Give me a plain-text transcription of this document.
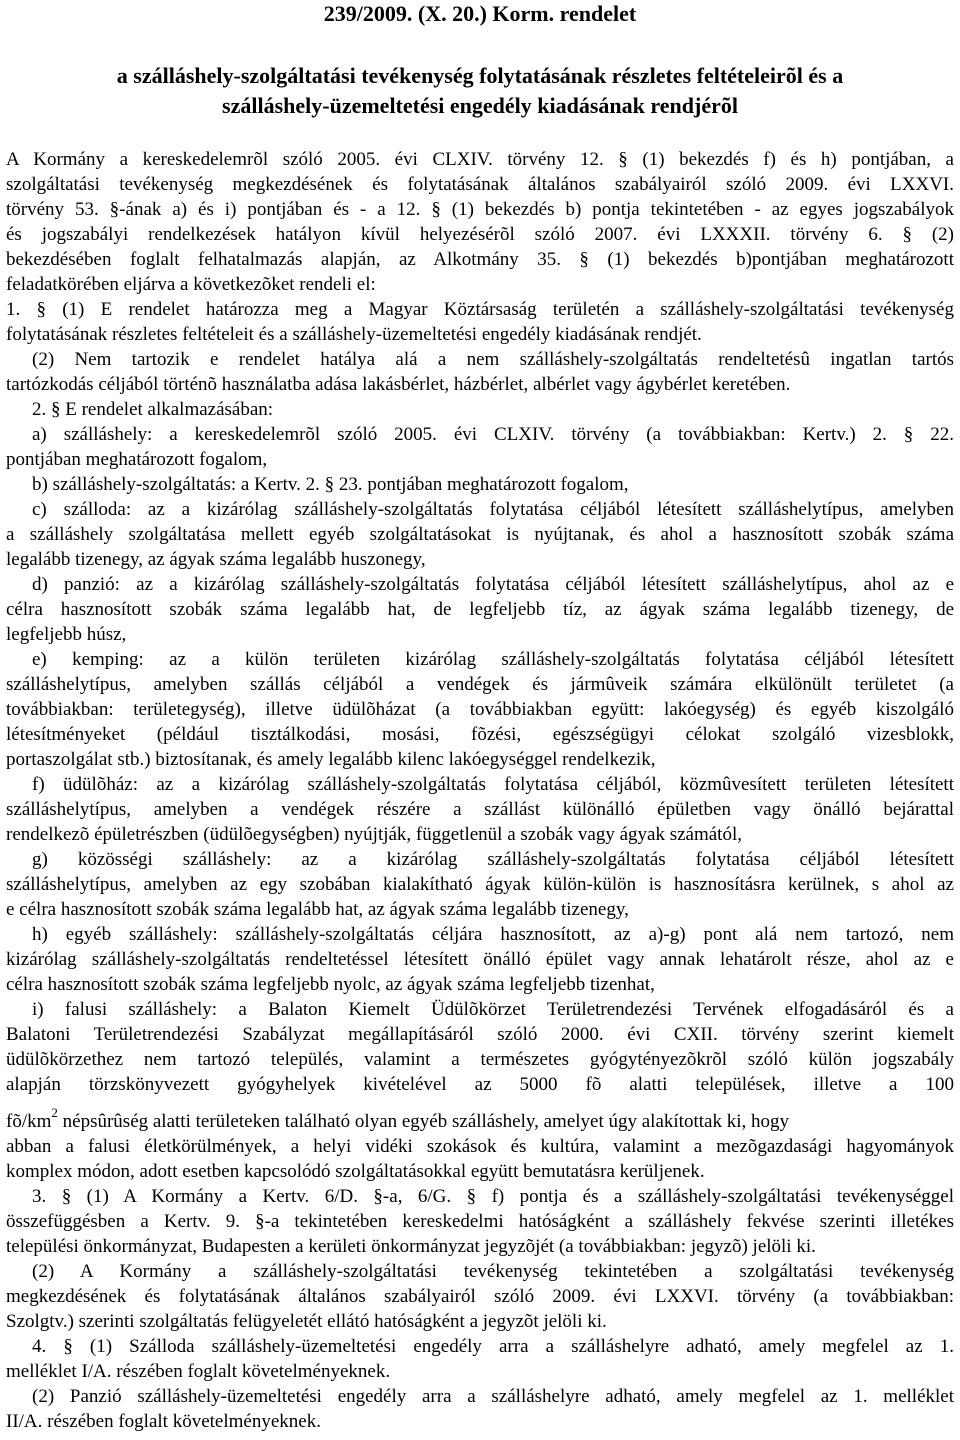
239/2009. (X. 20.) Korm. rendelet
a szálláshely-szolgáltatási tevékenység folytatásának részletes feltételeirõl és a
szálláshely-üzemeltetési engedély kiadásának rendjérõl
A Kormány a kereskedelemrõl szóló 2005. évi CLXIV. törvény 12. § (1) bekezdés f) és h) pontjában, a
szolgáltatási tevékenység megkezdésének és folytatásának általános szabályairól szóló 2009. évi LXXVI.
törvény 53. §-ának a) és i) pontjában és - a 12. § (1) bekezdés b) pontja tekintetében - az egyes jogszabályok
és jogszabályi rendelkezések hatályon kívül helyezésérõl szóló 2007. évi LXXXII. törvény 6. § (2)
bekezdésében foglalt felhatalmazás alapján, az Alkotmány 35. § (1) bekezdés b)pontjában meghatározott
feladatkörében eljárva a következõket rendeli el:
1. § (1) E rendelet határozza meg a Magyar Köztársaság területén a szálláshely-szolgáltatási tevékenység
folytatásának részletes feltételeit és a szálláshely-üzemeltetési engedély kiadásának rendjét.
(2) Nem tartozik e rendelet hatálya alá a nem szálláshely-szolgáltatás rendeltetésû ingatlan tartós
tartózkodás céljából történõ használatba adása lakásbérlet, házbérlet, albérlet vagy ágybérlet keretében.
2. § E rendelet alkalmazásában:
a) szálláshely: a kereskedelemrõl szóló 2005. évi CLXIV. törvény (a továbbiakban: Kertv.) 2. § 22.
pontjában meghatározott fogalom,
b) szálláshely-szolgáltatás: a Kertv. 2. § 23. pontjában meghatározott fogalom,
c) szálloda: az a kizárólag szálláshely-szolgáltatás folytatása céljából létesített szálláshelytípus, amelyben
a szálláshely szolgáltatása mellett egyéb szolgáltatásokat is nyújtanak, és ahol a hasznosított szobák száma
legalább tizenegy, az ágyak száma legalább huszonegy,
d) panzió: az a kizárólag szálláshely-szolgáltatás folytatása céljából létesített szálláshelytípus, ahol az e
célra hasznosított szobák száma legalább hat, de legfeljebb tíz, az ágyak száma legalább tizenegy, de
legfeljebb húsz,
e) kemping: az a külön területen kizárólag szálláshely-szolgáltatás folytatása céljából létesített
szálláshelytípus, amelyben szállás céljából a vendégek és jármûveik számára elkülönült területet (a
továbbiakban: területegység), illetve üdülõházat (a továbbiakban együtt: lakóegység) és egyéb kiszolgáló
létesítményeket (például tisztálkodási, mosási, fõzési, egészségügyi célokat szolgáló vizesblokk,
portaszolgálat stb.) biztosítanak, és amely legalább kilenc lakóegységgel rendelkezik,
f) üdülõház: az a kizárólag szálláshely-szolgáltatás folytatása céljából, közmûvesített területen létesített
szálláshelytípus, amelyben a vendégek részére a szállást különálló épületben vagy önálló bejárattal
rendelkezõ épületrészben (üdülõegységben) nyújtják, függetlenül a szobák vagy ágyak számától,
g) közösségi szálláshely: az a kizárólag szálláshely-szolgáltatás folytatása céljából létesített
szálláshelytípus, amelyben az egy szobában kialakítható ágyak külön-külön is hasznosításra kerülnek, s ahol az
e célra hasznosított szobák száma legalább hat, az ágyak száma legalább tizenegy,
h) egyéb szálláshely: szálláshely-szolgáltatás céljára hasznosított, az a)-g) pont alá nem tartozó, nem
kizárólag szálláshely-szolgáltatás rendeltetéssel létesített önálló épület vagy annak lehatárolt része, ahol az e
célra hasznosított szobák száma legfeljebb nyolc, az ágyak száma legfeljebb tizenhat,
i) falusi szálláshely: a Balaton Kiemelt Üdülõkörzet Területrendezési Tervének elfogadásáról és a
Balatoni Területrendezési Szabályzat megállapításáról szóló 2000. évi CXII. törvény szerint kiemelt
üdülõkörzethez nem tartozó település, valamint a természetes gyógytényezõkrõl szóló külön jogszabály
alapján törzskönyvezett gyógyhelyek kivételével az 5000 fõ alatti települések, illetve a 100
$fõ/km^2$ népsûrûség alatti területeken található olyan egyéb szálláshely, amelyet úgy alakítottak ki, hogy
abban a falusi életkörülmények, a helyi vidéki szokások és kultúra, valamint a mezõgazdasági hagyományok
komplex módon, adott esetben kapcsolódó szolgáltatásokkal együtt bemutatásra kerüljenek.
3. § (1) A Kormány a Kertv. 6/D. §-a, 6/G. § f) pontja és a szálláshely-szolgáltatási tevékenységgel
összefüggésben a Kertv. 9. §-a tekintetében kereskedelmi hatóságként a szálláshely fekvése szerinti illetékes
települési önkormányzat, Budapesten a kerületi önkormányzat jegyzõjét (a továbbiakban: jegyzõ) jelöli ki.
(2) A Kormány a szálláshely-szolgáltatási tevékenység tekintetében a szolgáltatási tevékenység
megkezdésének és folytatásának általános szabályairól szóló 2009. évi LXXVI. törvény (a továbbiakban:
Szolgtv.) szerinti szolgáltatás felügyeletét ellátó hatóságként a jegyzõt jelöli ki.
4. § (1) Szálloda szálláshely-üzemeltetési engedély arra a szálláshelyre adható, amely megfelel az 1.
melléklet I/A. részében foglalt követelményeknek.
(2) Panzió szálláshely-üzemeltetési engedély arra a szálláshelyre adható, amely megfelel az 1. melléklet
II/A. részében foglalt követelményeknek.
